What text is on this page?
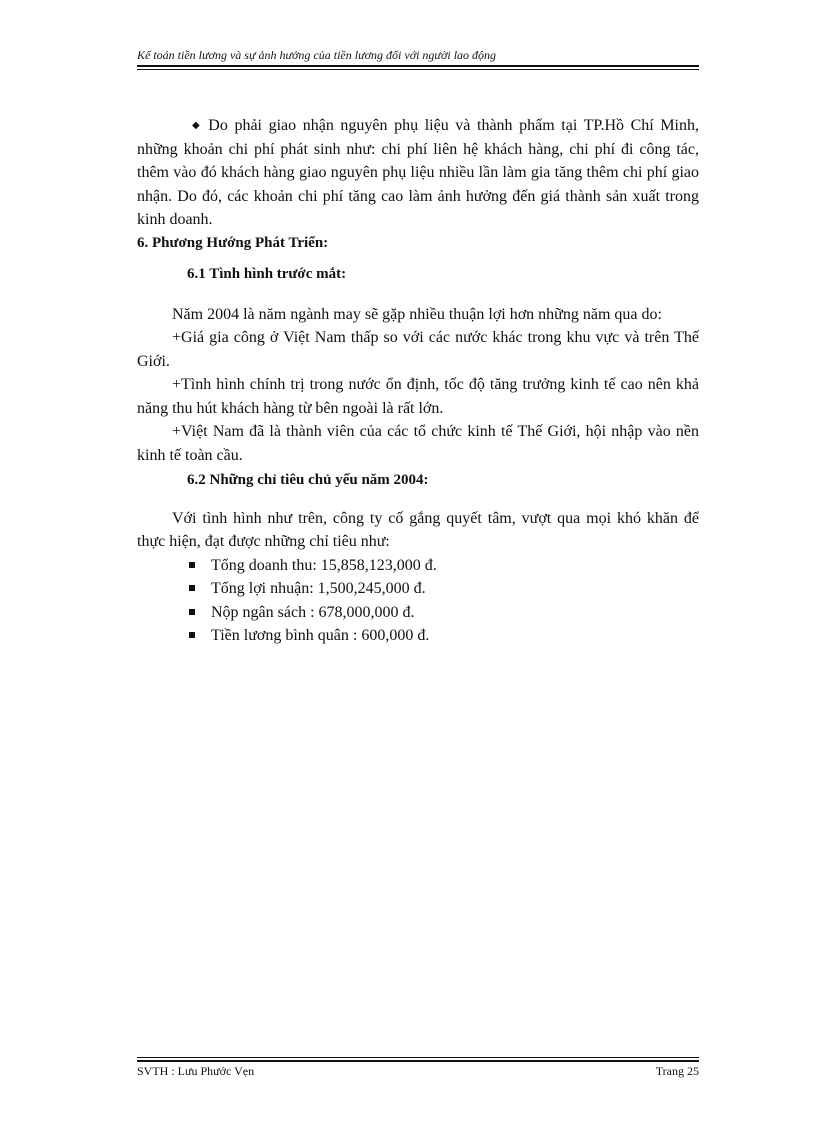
Kế toán tiền lương và sự ảnh hưởng của tiền lương đối với người lao động

◆ Do phải giao nhận nguyên phụ liệu và thành phẩm tại TP.Hồ Chí Minh, những khoản chi phí phát sinh như: chi phí liên hệ khách hàng, chi phí đi công tác, thêm vào đó khách hàng giao nguyên phụ liệu nhiều lần làm gia tăng thêm chi phí giao nhận. Do đó, các khoản chi phí tăng cao làm ảnh hưởng đến giá thành sản xuất trong kinh doanh.

6. Phương Hướng Phát Triển:

6.1 Tình hình trước mắt:

Năm 2004 là năm ngành may sẽ gặp nhiều thuận lợi hơn những năm qua do:

+Giá gia công ở Việt Nam thấp so với các nước khác trong khu vực và trên Thế Giới.

+Tình hình chính trị trong nước ổn định, tốc độ tăng trưởng kinh tế cao nên khả năng thu hút khách hàng từ bên ngoài là rất lớn.

+Việt Nam đã là thành viên của các tổ chức kinh tế Thế Giới, hội nhập vào nền kinh tế toàn cầu.

6.2 Những chỉ tiêu chủ yếu năm 2004:

Với tình hình như trên, công ty cố gắng quyết tâm, vượt qua mọi khó khăn để thực hiện, đạt được những chỉ tiêu như:

Tổng doanh thu: 15,858,123,000 đ.
Tổng lợi nhuận: 1,500,245,000 đ.
Nộp ngân sách : 678,000,000 đ.
Tiền lương bình quân : 600,000 đ.
SVTH : Lưu Phước Vẹn	Trang 25
